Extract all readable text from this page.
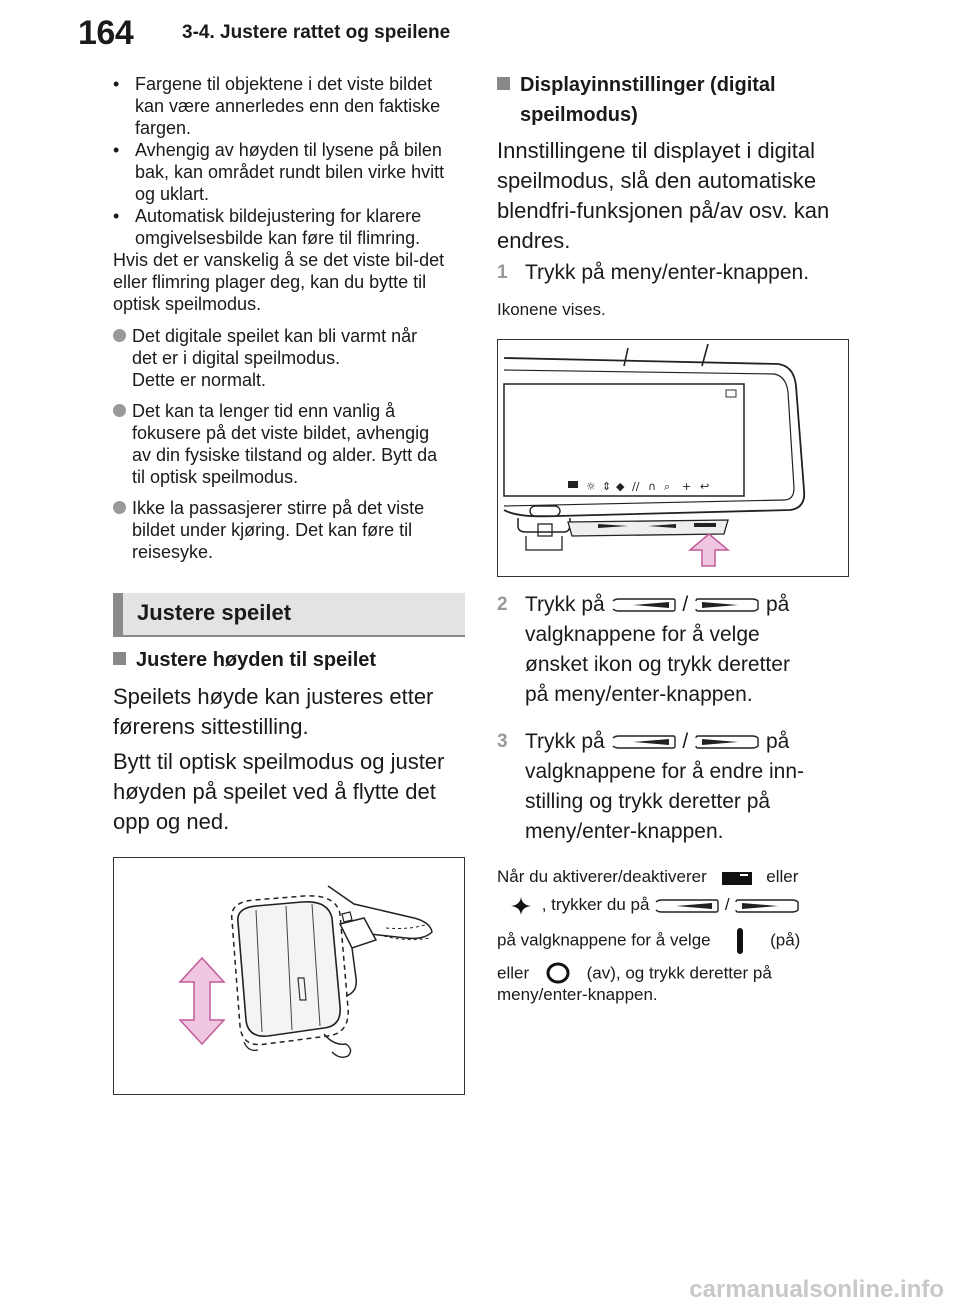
164	3-4. Justere rattet og speilene
• Fargene til objektene i det viste bildet kan være annerledes enn den faktiske fargen.
• Avhengig av høyden til lysene på bilen bak, kan området rundt bilen virke hvitt og uklart.
• Automatisk bildejustering for klarere omgivelsesbilde kan føre til flimring.

Hvis det er vanskelig å se det viste bil-det eller flimring plager deg, kan du bytte til optisk speilmodus.

Det digitale speilet kan bli varmt når
det er i digital speilmodus.
Dette er normalt.
Det kan ta lenger tid enn vanlig å
fokusere på det viste bildet, avhengig
av din fysiske tilstand og alder. Bytt da
til optisk speilmodus.
Ikke la passasjerer stirre på det viste
bildet under kjøring. Det kan føre til
reisesyke.
Justere speilet
Justere høyden til speilet

Speilets høyde kan justeres etter

førerens sittestilling.

Bytt til optisk speilmodus og juster

høyden på speilet ved å flytte det

opp og ned.

Displayinnstillinger (digital
speilmodus)

Innstillingene til displayet i digital

speilmodus, slå den automatiske

blendfri-funksjonen på/av osv. kan

endres.

1 Trykk på meny/enter-knappen.
Ikonene vises.
☼ ⇕ ◆ ∕∕ ∩ ⌕ + ↩
2 Trykk på	/	på
valgknappene for å velge
ønsket ikon og trykk deretter
på meny/enter-knappen.
3 Trykk på	/	på
valgknappene for å endre inn-
stilling og trykk deretter på
meny/enter-knappen.
Når du aktiverer/deaktiverer	eller
, trykker du på	/
på valgknappene for å velge	(på)
eller	(av), og trykk deretter på
meny/enter-knappen.
carmanualsonline.info
